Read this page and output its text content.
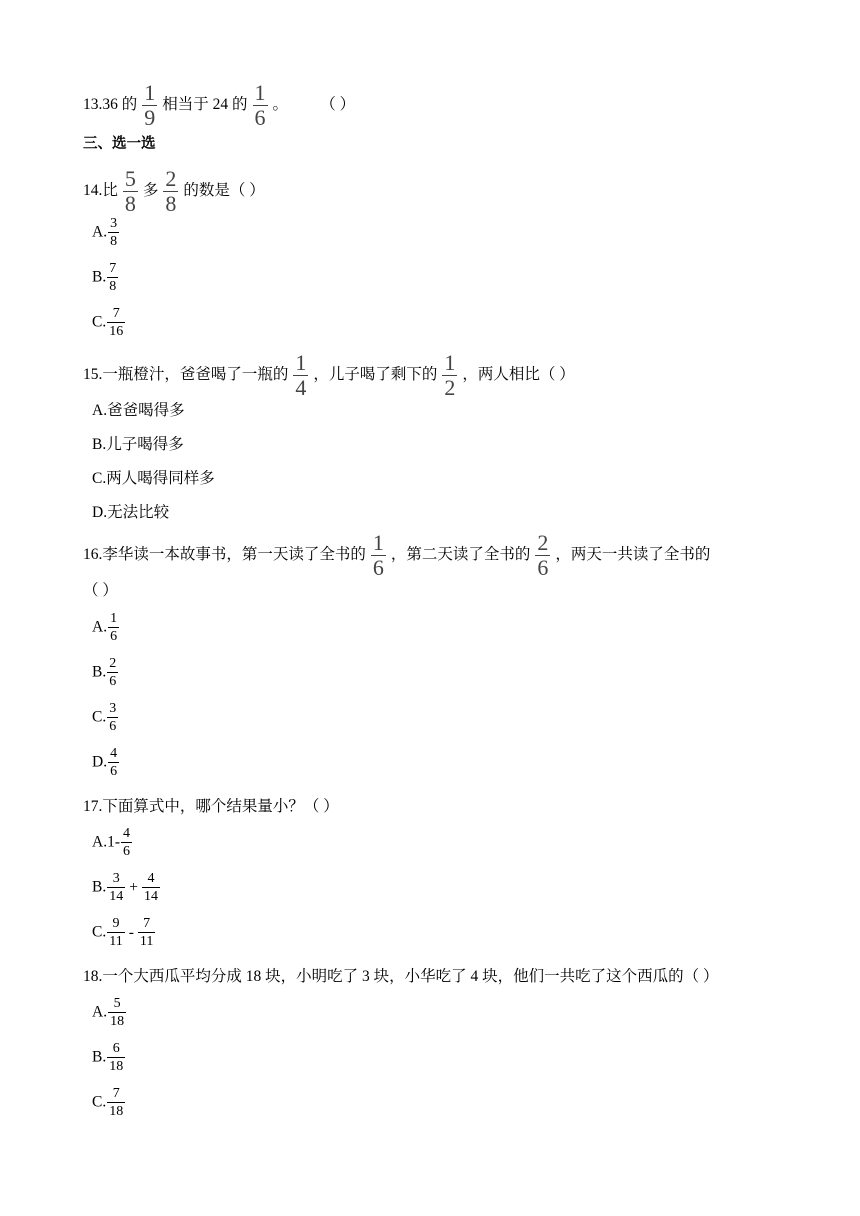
13.36 的 $\frac{1}{9}$ 相当于 24 的 $\frac{1}{6}$ 。	（ ）
三、选一选
14.比 $\frac{5}{8}$ 多 $\frac{2}{8}$ 的数是（ ）
A. $\frac{3}{8}$
B. $\frac{7}{8}$
C. $\frac{7}{16}$
15.一瓶橙汁，爸爸喝了一瓶的 $\frac{1}{4}$ ，儿子喝了剩下的 $\frac{1}{2}$ ，两人相比（ ）
A.爸爸喝得多
B.儿子喝得多
C.两人喝得同样多
D.无法比较
16.李华读一本故事书，第一天读了全书的 $\frac{1}{6}$ ，第二天读了全书的 $\frac{2}{6}$ ，两天一共读了全书的
（ ）
A. $\frac{1}{6}$
B. $\frac{2}{6}$
C. $\frac{3}{6}$
D. $\frac{4}{6}$
17.下面算式中，哪个结果量小？（ ）
$A.1- \frac{4}{6}$
B. $\frac{3}{14} + \frac{4}{14}$
C. $\frac{9}{11} - \frac{7}{11}$
18.一个大西瓜平均分成 18 块，小明吃了 3 块，小华吃了 4 块，他们一共吃了这个西瓜的（ ）
A. $\frac{5}{18}$
B. $\frac{6}{18}$
C. $\frac{7}{18}$
